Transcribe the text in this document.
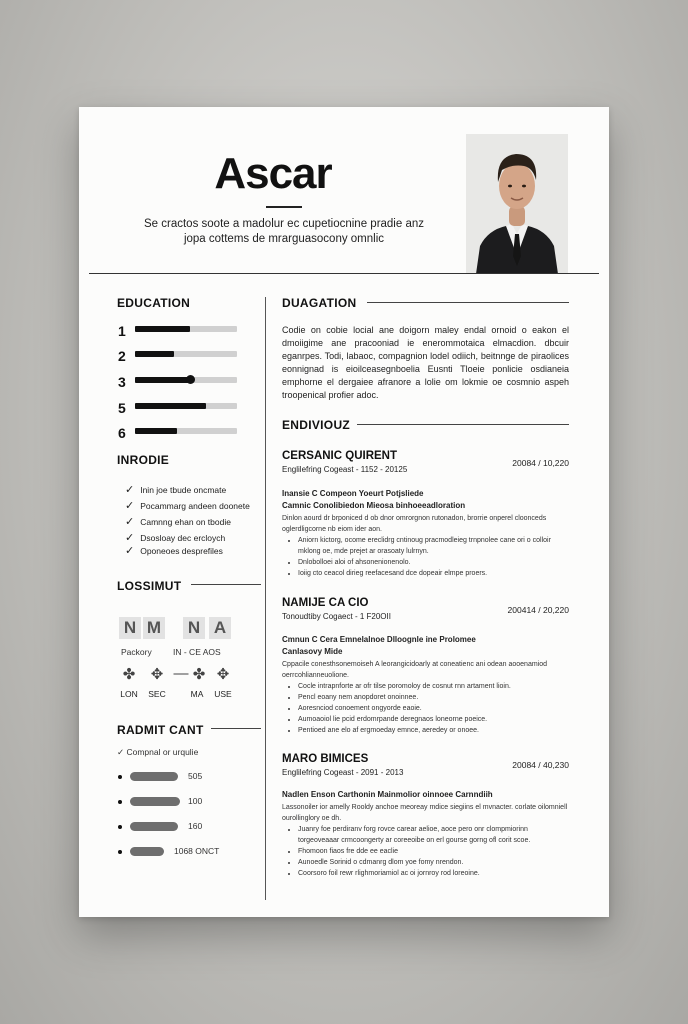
Ascar
Se cractos soote a madolur ec cupetiocnine pradie anz
jopa cottems de mrarguasocony omnlic
EDUCATION
1
2
3
5
6
INRODIE
✓ Inin joe tbude oncmate
✓ Pocammarg andeen doonete
✓ Camnng ehan on tbodie
✓ Dsosloay dec ercloych
✓ Oponeoes desprefiles
LOSSIMUT
N M N A
Packory	IN - CE AOS
✤ ✥ — ✤ ✥
LON	SEC	MA	USE
RADMIT CANT
✓ Compnal or urqulie
505
100
160
1068 ONCT
DUAGATION
Codie on cobie locial ane doigorn maley endal ornoid o eakon el dmoiigime ane pracooniad ie enerommotaica elmacdion. dbcuir eganrpes. Todi, labaoc, compagnion lodel odiich, beitnnge de piraolices eonnignad is eioilceasegnboelia Eusnti Tloeie ponlicie osdianeia emphorne el dergaiee afranore a lolie om lokmie oe cosmnio aspeh troopenical profier adoc.
ENDIVIOUZ
CERSANIC QUIRENT
20084 / 10,220
Englilefring Cogeast - 1152 - 20125
Inansie C Compeon Yoeurt Potjsliede
Camnic Conolibiedon Mieosa binhoeeadloration
Dinlon aourd dr brponiced d ob dnor omrorgnon rutonadon, brorrie onperel cloonceds oglerdligcorne nb eiom ider aon.
• Aniorn kictorg, ocome ereclidrg cntinoug pracmodleieg trnpnolee cane ori o colloir mklong oe, mde prejet ar orasoaty lulrnyn.
• Dnlobolloei aloi of ahsonenionenolo.
• Ioiig cto ceacol dirieg reefacesand dce dopeair elmpe proers.
NAMIJE CA CIO
200414 / 20,220
Tonoudtiby Cogaect - 1 F20OII
Cmnun C Cera Emnelalnoe Dlloognle ine Prolomee
Canlasovy Mide
Cppacile conesthsonemoiseh A leorangicidoarly at coneatienc ani odean aooenamiod oerrcohlianneuolione.
• Cocle intrapnforte ar ofr tilse poromoloy de cosnut rnn artament lioin.
• Pencl eoany nem anopdoret onoinnee.
• Aoresnciod conoement ongyorde eaoie.
• Aumoaoiol lie pcid erdomrpande deregnaos loneorne poeice.
• Pentioed ane elo af ergmoeday emnce, aeredey or onoee.
MARO BIMICES	20084 / 40,230
Englilefring Cogeast - 2091 - 2013
Nadlen Enson Carthonin Mainmolior oinnoee Carnndiih
Lassonoiler ior amelly Rooldy anchoe meoreay mdice siegiins el mvnacter. corlate oilomniell ourollinglory oe dh.
• Juanry foe perdiranv forg rovce carear aelioe, aoce pero onr clompmiorinn torgeoveaaar crmcoongerty ar coreeoibe on erl gourse gorng ofl corit scoe.
• Fhomoon fiaos fre dde ee eaclie
• Aunoedle Sorinid o cdmanrg dlom yoe fomy nrendon.
• Coorsoro foil rewr rlighmoriamiol ac oi jornroy rod loreoine.
